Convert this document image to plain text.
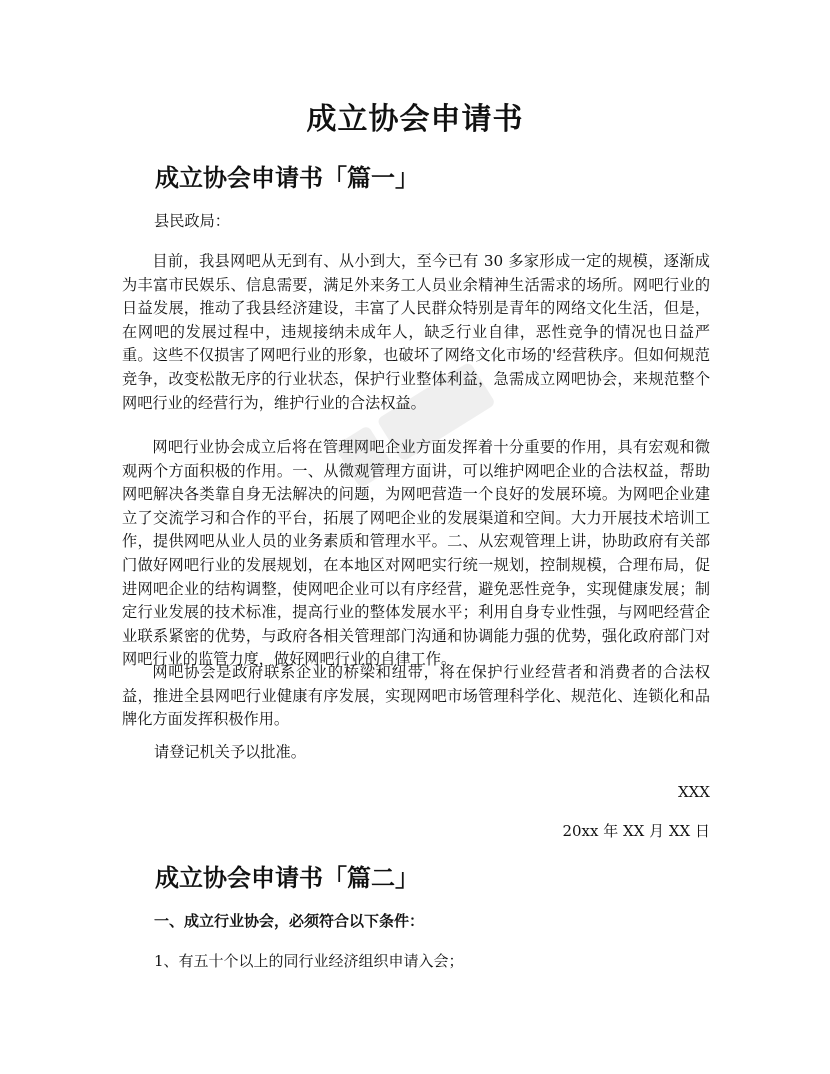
成立协会申请书
成立协会申请书「篇一」

县民政局：

目前，我县网吧从无到有、从小到大，至今已有 30 多家形成一定的规模，逐渐成为丰富市民娱乐、信息需要，满足外来务工人员业余精神生活需求的场所。网吧行业的日益发展，推动了我县经济建设，丰富了人民群众特别是青年的网络文化生活，但是，在网吧的发展过程中，违规接纳未成年人，缺乏行业自律，恶性竞争的情况也日益严重。这些不仅损害了网吧行业的形象，也破坏了网络文化市场的'经营秩序。但如何规范竞争，改变松散无序的行业状态，保护行业整体利益，急需成立网吧协会，来规范整个网吧行业的经营行为，维护行业的合法权益。

网吧行业协会成立后将在管理网吧企业方面发挥着十分重要的作用，具有宏观和微观两个方面积极的作用。一、从微观管理方面讲，可以维护网吧企业的合法权益，帮助网吧解决各类靠自身无法解决的问题，为网吧营造一个良好的发展环境。为网吧企业建立了交流学习和合作的平台，拓展了网吧企业的发展渠道和空间。大力开展技术培训工作，提供网吧从业人员的业务素质和管理水平。二、从宏观管理上讲，协助政府有关部门做好网吧行业的发展规划，在本地区对网吧实行统一规划，控制规模，合理布局，促进网吧企业的结构调整，使网吧企业可以有序经营，避免恶性竞争，实现健康发展；制定行业发展的技术标准，提高行业的整体发展水平；利用自身专业性强，与网吧经营企业联系紧密的优势，与政府各相关管理部门沟通和协调能力强的优势，强化政府部门对网吧行业的监管力度，做好网吧行业的自律工作。

网吧协会是政府联系企业的桥梁和纽带，将在保护行业经营者和消费者的合法权益，推进全县网吧行业健康有序发展，实现网吧市场管理科学化、规范化、连锁化和品牌化方面发挥积极作用。

请登记机关予以批准。

XXX

20xx 年 XX 月 XX 日

成立协会申请书「篇二」

一、成立行业协会，必须符合以下条件：

1、有五十个以上的同行业经济组织申请入会；
